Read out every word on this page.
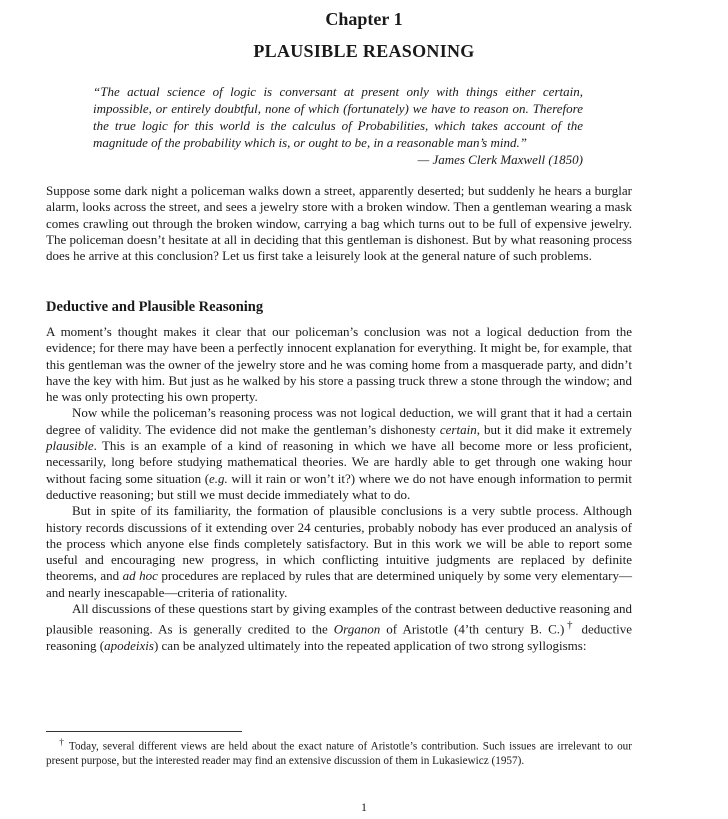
Chapter 1
PLAUSIBLE REASONING
“The actual science of logic is conversant at present only with things either certain, impossible, or entirely doubtful, none of which (fortunately) we have to reason on. Therefore the true logic for this world is the calculus of Probabilities, which takes account of the magnitude of the probability which is, or ought to be, in a reasonable man’s mind.”
— James Clerk Maxwell (1850)

Suppose some dark night a policeman walks down a street, apparently deserted; but suddenly he hears a burglar alarm, looks across the street, and sees a jewelry store with a broken window. Then a gentleman wearing a mask comes crawling out through the broken window, carrying a bag which turns out to be full of expensive jewelry. The policeman doesn’t hesitate at all in deciding that this gentleman is dishonest. But by what reasoning process does he arrive at this conclusion? Let us first take a leisurely look at the general nature of such problems.

Deductive and Plausible Reasoning

A moment’s thought makes it clear that our policeman’s conclusion was not a logical deduction from the evidence; for there may have been a perfectly innocent explanation for everything. It might be, for example, that this gentleman was the owner of the jewelry store and he was coming home from a masquerade party, and didn’t have the key with him. But just as he walked by his store a passing truck threw a stone through the window; and he was only protecting his own property.

Now while the policeman’s reasoning process was not logical deduction, we will grant that it had a certain degree of validity. The evidence did not make the gentleman’s dishonesty certain, but it did make it extremely plausible. This is an example of a kind of reasoning in which we have all become more or less proficient, necessarily, long before studying mathematical theories. We are hardly able to get through one waking hour without facing some situation (e.g. will it rain or won’t it?) where we do not have enough information to permit deductive reasoning; but still we must decide immediately what to do.

But in spite of its familiarity, the formation of plausible conclusions is a very subtle process. Although history records discussions of it extending over 24 centuries, probably nobody has ever produced an analysis of the process which anyone else finds completely satisfactory. But in this work we will be able to report some useful and encouraging new progress, in which conflicting intuitive judgments are replaced by definite theorems, and ad hoc procedures are replaced by rules that are determined uniquely by some very elementary—and nearly inescapable—criteria of rationality.

All discussions of these questions start by giving examples of the contrast between deductive reasoning and plausible reasoning. As is generally credited to the Organon of Aristotle (4’th century B. C.)† deductive reasoning (apodeixis) can be analyzed ultimately into the repeated application of two strong syllogisms:

† Today, several different views are held about the exact nature of Aristotle’s contribution. Such issues are irrelevant to our present purpose, but the interested reader may find an extensive discussion of them in Lukasiewicz (1957).
1
